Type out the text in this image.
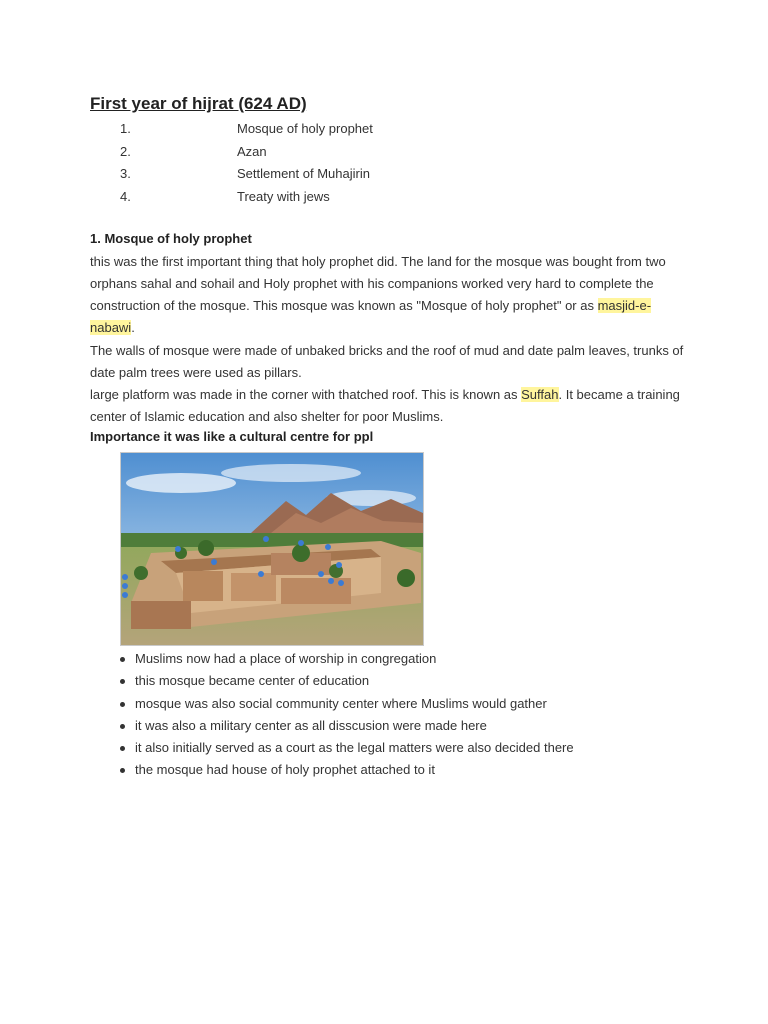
First year of hijrat (624 AD)
1.	Mosque of holy prophet
2.	Azan
3.	Settlement of Muhajirin
4.	Treaty with jews
1. Mosque of holy prophet
this was the first important thing that holy prophet did. The land for the mosque was bought from two orphans sahal and sohail and Holy prophet with his companions worked very hard to complete the construction of the mosque. This mosque was known as "Mosque of holy prophet" or as masjid-e-nabawi.
The walls of mosque were made of unbaked bricks and the roof of mud and date palm leaves, trunks of date palm trees were used as pillars.
large platform was made in the corner with thatched roof. This is known as Suffah. It became a training center of Islamic education and also shelter for poor Muslims.
Importance it was like a cultural centre for ppl
Muslims now had a place of worship in congregation
this mosque became center of education
mosque was also social community center where Muslims would gather
it was also a military center as all disscusion were made here
it also initially served as a court as the legal matters were also decided there
the mosque had house of holy prophet attached to it
